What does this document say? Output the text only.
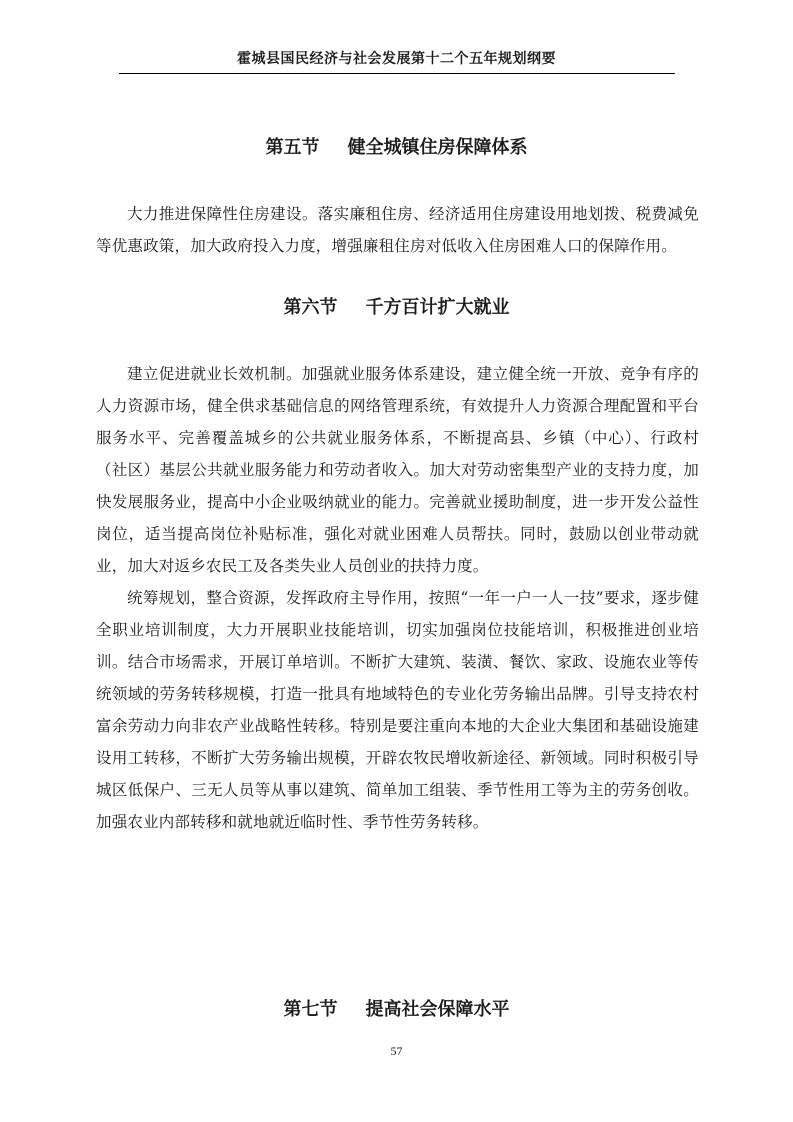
霍城县国民经济与社会发展第十二个五年规划纲要
第五节 健全城镇住房保障体系

大力推进保障性住房建设。落实廉租住房、经济适用住房建设用地划拨、税费减免等优惠政策，加大政府投入力度，增强廉租住房对低收入住房困难人口的保障作用。

第六节 千方百计扩大就业

建立促进就业长效机制。加强就业服务体系建设，建立健全统一开放、竞争有序的人力资源市场，健全供求基础信息的网络管理系统，有效提升人力资源合理配置和平台服务水平、完善覆盖城乡的公共就业服务体系，不断提高县、乡镇（中心）、行政村（社区）基层公共就业服务能力和劳动者收入。加大对劳动密集型产业的支持力度，加快发展服务业，提高中小企业吸纳就业的能力。完善就业援助制度，进一步开发公益性岗位，适当提高岗位补贴标准，强化对就业困难人员帮扶。同时，鼓励以创业带动就业，加大对返乡农民工及各类失业人员创业的扶持力度。

统筹规划，整合资源，发挥政府主导作用，按照“一年一户一人一技”要求，逐步健全职业培训制度，大力开展职业技能培训，切实加强岗位技能培训，积极推进创业培训。结合市场需求，开展订单培训。不断扩大建筑、装潢、餐饮、家政、设施农业等传统领域的劳务转移规模，打造一批具有地域特色的专业化劳务输出品牌。引导支持农村富余劳动力向非农产业战略性转移。特别是要注重向本地的大企业大集团和基础设施建设用工转移，不断扩大劳务输出规模，开辟农牧民增收新途径、新领域。同时积极引导城区低保户、三无人员等从事以建筑、简单加工组装、季节性用工等为主的劳务创收。加强农业内部转移和就地就近临时性、季节性劳务转移。

第七节 提高社会保障水平
57
